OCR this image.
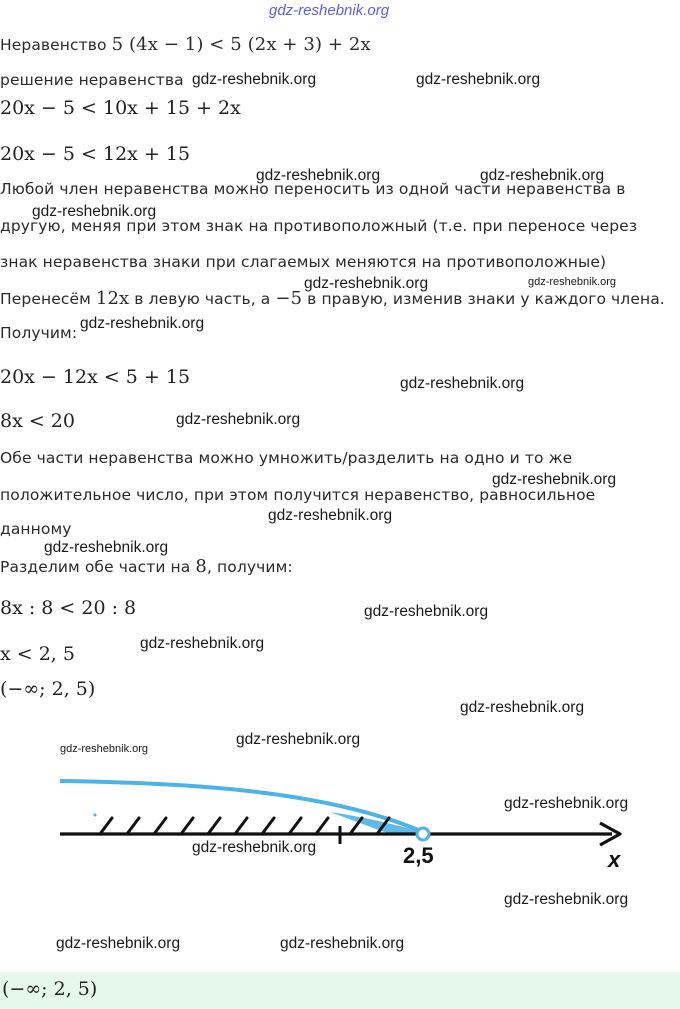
gdz-reshebnik.org
Неравенство 5 (4x − 1) < 5 (2x + 3) + 2x
решение неравенства
20x − 5 < 10x + 15 + 2x
20x − 5 < 12x + 15
Любой член неравенства можно переносить из одной части неравенства в
другую, меняя при этом знак на противоположный (т.е. при переносе через
знак неравенства знаки при слагаемых меняются на противоположные)
Перенесём 12x в левую часть, а −5 в правую, изменив знаки у каждого члена.
Получим:
20x − 12x < 5 + 15
8x < 20
Обе части неравенства можно умножить/разделить на одно и то же
положительное число, при этом получится неравенство, равносильное
данному
Разделим обе части на 8, получим:
8x : 8 < 20 : 8
x < 2, 5
(−∞; 2, 5)
2,5	x
gdz-reshebnik.org	gdz-reshebnik.org
gdz-reshebnik.org	gdz-reshebnik.org
gdz-reshebnik.org
gdz-reshebnik.org	gdz-reshebnik.org
gdz-reshebnik.org
gdz-reshebnik.org
gdz-reshebnik.org
gdz-reshebnik.org
gdz-reshebnik.org
gdz-reshebnik.org
gdz-reshebnik.org
gdz-reshebnik.org
gdz-reshebnik.org
gdz-reshebnik.org
gdz-reshebnik.org
gdz-reshebnik.org
gdz-reshebnik.org
gdz-reshebnik.org
gdz-reshebnik.org	gdz-reshebnik.org
(−∞; 2, 5)
